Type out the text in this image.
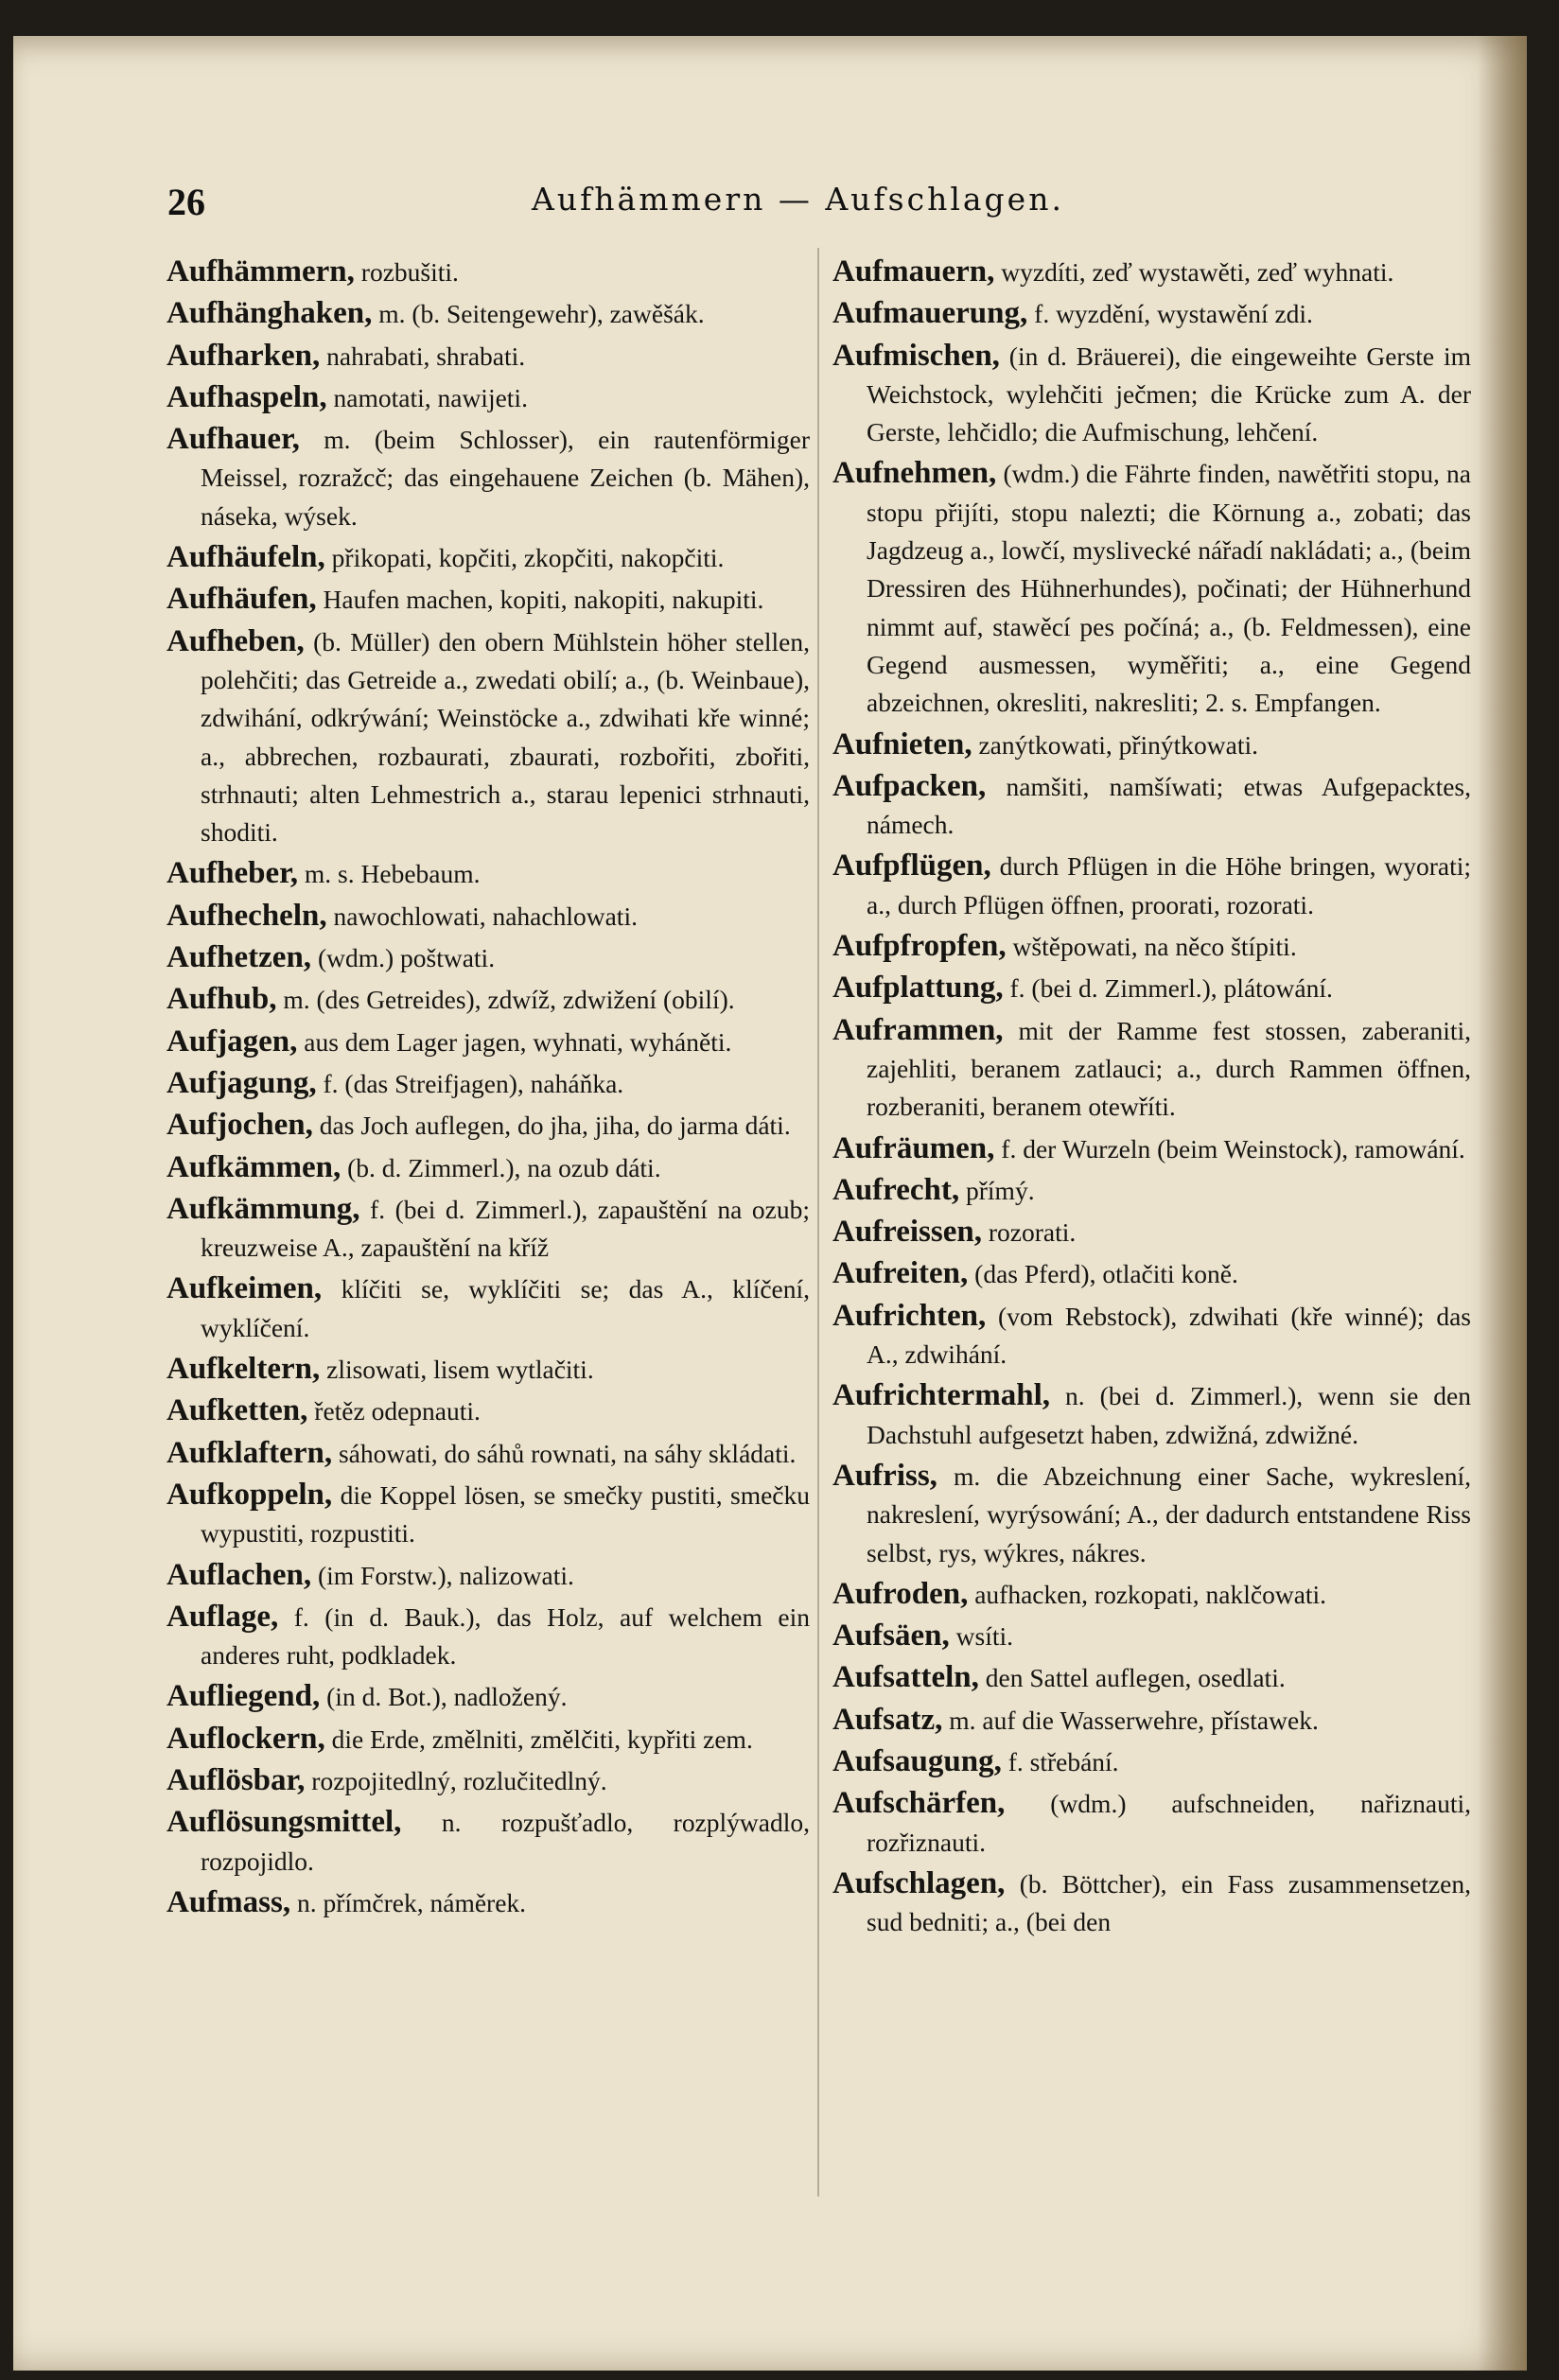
26	Aufhämmern — Aufschlagen.

Aufhämmern, rozbušiti.

Aufhänghaken, m. (b. Seitengewehr), zawěšák.

Aufharken, nahrabati, shrabati.

Aufhaspeln, namotati, nawijeti.

Aufhauer, m. (beim Schlosser), ein rautenförmiger Meissel, rozražcč; das eingehauene Zeichen (b. Mähen), náseka, wýsek.

Aufhäufeln, přikopati, kopčiti, zkopčiti, nakopčiti.

Aufhäufen, Haufen machen, kopiti, nakopiti, nakupiti.

Aufheben, (b. Müller) den obern Mühlstein höher stellen, polehčiti; das Getreide a., zwedati obilí; a., (b. Weinbaue), zdwihání, odkrýwání; Weinstöcke a., zdwihati kře winné; a., abbrechen, rozbaurati, zbaurati, rozbořiti, zbořiti, strhnauti; alten Lehmestrich a., starau lepenici strhnauti, shoditi.

Aufheber, m. s. Hebebaum.

Aufhecheln, nawochlowati, nahachlowati.

Aufhetzen, (wdm.) poštwati.

Aufhub, m. (des Getreides), zdwíž, zdwižení (obilí).

Aufjagen, aus dem Lager jagen, wyhnati, wyháněti.

Aufjagung, f. (das Streifjagen), naháňka.

Aufjochen, das Joch auflegen, do jha, jiha, do jarma dáti.

Aufkämmen, (b. d. Zimmerl.), na ozub dáti.

Aufkämmung, f. (bei d. Zimmerl.), zapauštění na ozub; kreuzweise A., zapauštění na kříž

Aufkeimen, klíčiti se, wyklíčiti se; das A., klíčení, wyklíčení.

Aufkeltern, zlisowati, lisem wytlačiti.

Aufketten, řetěz odepnauti.

Aufklaftern, sáhowati, do sáhů rownati, na sáhy skládati.

Aufkoppeln, die Koppel lösen, se smečky pustiti, smečku wypustiti, rozpustiti.

Auflachen, (im Forstw.), nalizowati.

Auflage, f. (in d. Bauk.), das Holz, auf welchem ein anderes ruht, podkladek.

Aufliegend, (in d. Bot.), nadložený.

Auflockern, die Erde, změlniti, změlčiti, kypřiti zem.

Auflösbar, rozpojitedlný, rozlučitedlný.

Auflösungsmittel, n. rozpušťadlo, rozplýwadlo, rozpojidlo.

Aufmass, n. přímčrek, náměrek.

Aufmauern, wyzdíti, zeď wystawěti, zeď wyhnati.

Aufmauerung, f. wyzdění, wystawění zdi.

Aufmischen, (in d. Bräuerei), die eingeweihte Gerste im Weichstock, wylehčiti ječmen; die Krücke zum A. der Gerste, lehčidlo; die Aufmischung, lehčení.

Aufnehmen, (wdm.) die Fährte finden, nawětřiti stopu, na stopu přijíti, stopu nalezti; die Körnung a., zobati; das Jagdzeug a., lowčí, myslivecké nářadí nakládati; a., (beim Dressiren des Hühnerhundes), počinati; der Hühnerhund nimmt auf, stawěcí pes počíná; a., (b. Feldmessen), eine Gegend ausmessen, wyměřiti; a., eine Gegend abzeichnen, okresliti, nakresliti; 2. s. Empfangen.

Aufnieten, zanýtkowati, přinýtkowati.

Aufpacken, namšiti, namšíwati; etwas Aufgepacktes, námech.

Aufpflügen, durch Pflügen in die Höhe bringen, wyorati; a., durch Pflügen öffnen, proorati, rozorati.

Aufpfropfen, wštěpowati, na něco štípiti.

Aufplattung, f. (bei d. Zimmerl.), plátowání.

Auframmen, mit der Ramme fest stossen, zaberaniti, zajehliti, beranem zatlauci; a., durch Rammen öffnen, rozberaniti, beranem otewříti.

Aufräumen, f. der Wurzeln (beim Weinstock), ramowání.

Aufrecht, přímý.

Aufreissen, rozorati.

Aufreiten, (das Pferd), otlačiti koně.

Aufrichten, (vom Rebstock), zdwihati (kře winné); das A., zdwihání.

Aufrichtermahl, n. (bei d. Zimmerl.), wenn sie den Dachstuhl aufgesetzt haben, zdwižná, zdwižné.

Aufriss, m. die Abzeichnung einer Sache, wykreslení, nakreslení, wyrýsowání; A., der dadurch entstandene Riss selbst, rys, wýkres, nákres.

Aufroden, aufhacken, rozkopati, naklčowati.

Aufsäen, wsíti.

Aufsatteln, den Sattel auflegen, osedlati.

Aufsatz, m. auf die Wasserwehre, přístawek.

Aufsaugung, f. střebání.

Aufschärfen, (wdm.) aufschneiden, nařiznauti, rozřiznauti.

Aufschlagen, (b. Böttcher), ein Fass zusammensetzen, sud bedniti; a., (bei den
